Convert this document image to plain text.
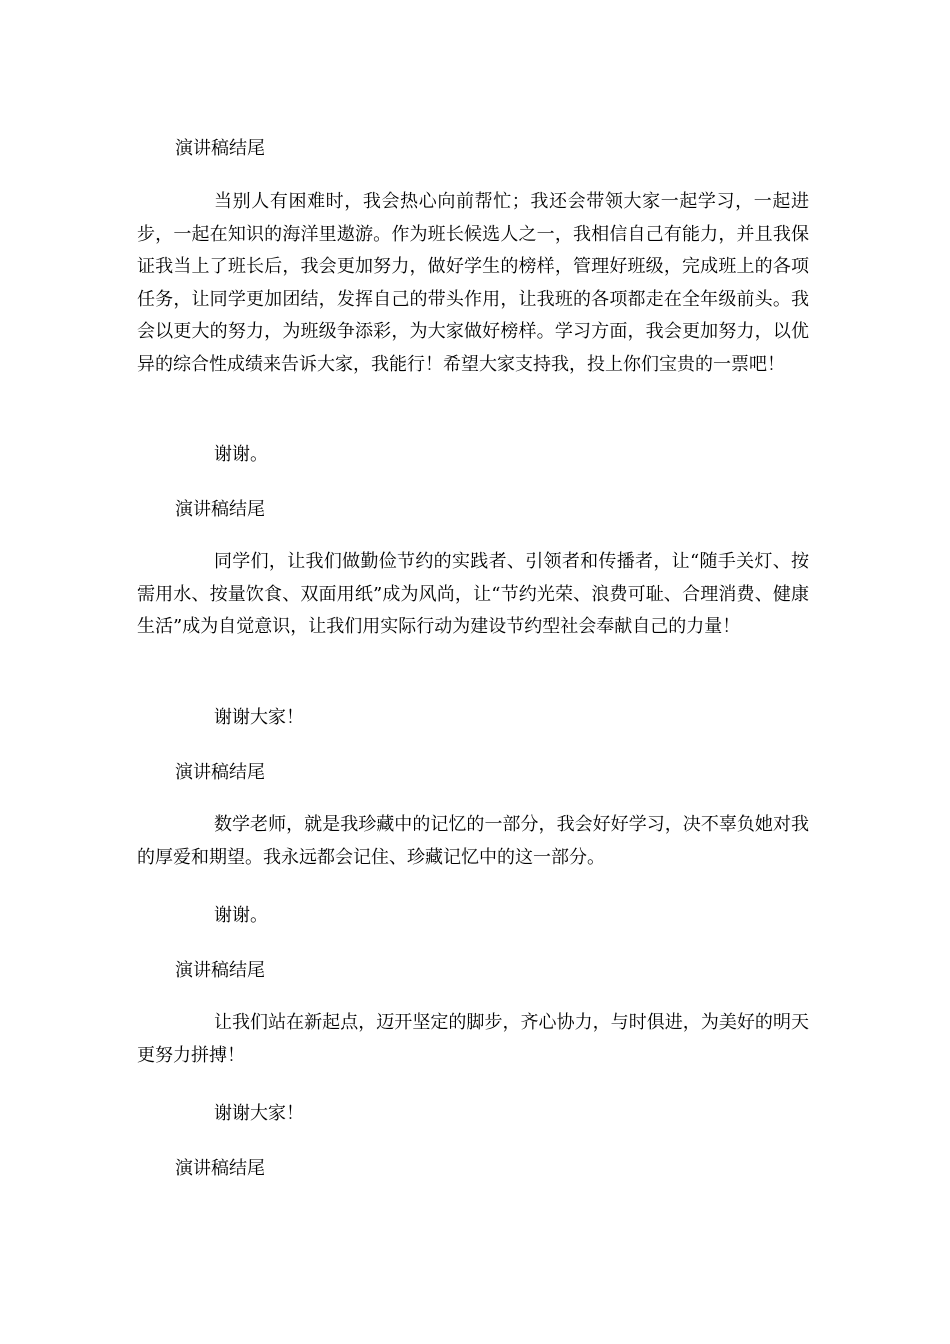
演讲稿结尾
当别人有困难时，我会热心向前帮忙；我还会带领大家一起学习，一起进步，一起在知识的海洋里遨游。作为班长候选人之一，我相信自己有能力，并且我保证我当上了班长后，我会更加努力，做好学生的榜样，管理好班级，完成班上的各项任务，让同学更加团结，发挥自己的带头作用，让我班的各项都走在全年级前头。我会以更大的努力，为班级争添彩，为大家做好榜样。学习方面，我会更加努力，以优异的综合性成绩来告诉大家，我能行！希望大家支持我，投上你们宝贵的一票吧！
谢谢。
演讲稿结尾
同学们，让我们做勤俭节约的实践者、引领者和传播者，让“随手关灯、按需用水、按量饮食、双面用纸”成为风尚，让“节约光荣、浪费可耻、合理消费、健康生活”成为自觉意识，让我们用实际行动为建设节约型社会奉献自己的力量！
谢谢大家！
演讲稿结尾
数学老师，就是我珍藏中的记忆的一部分，我会好好学习，决不辜负她对我的厚爱和期望。我永远都会记住、珍藏记忆中的这一部分。
谢谢。
演讲稿结尾
让我们站在新起点，迈开坚定的脚步，齐心协力，与时俱进，为美好的明天更努力拼搏！
谢谢大家！
演讲稿结尾
